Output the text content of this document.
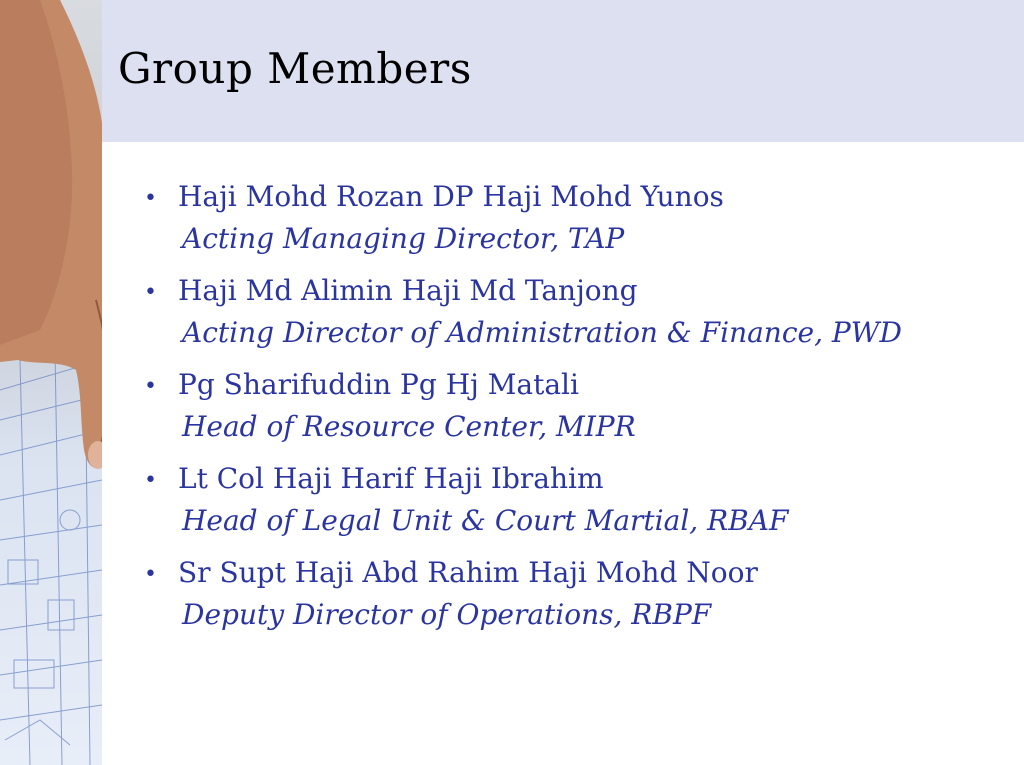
Group Members
• Haji Mohd Rozan DP Haji Mohd Yunos
Acting Managing Director, TAP
• Haji Md Alimin Haji Md Tanjong
Acting Director of Administration & Finance, PWD
• Pg Sharifuddin Pg Hj Matali
Head of Resource Center, MIPR
• Lt Col Haji Harif Haji Ibrahim
Head of Legal Unit & Court Martial, RBAF
• Sr Supt Haji Abd Rahim Haji Mohd Noor
Deputy Director of Operations, RBPF
